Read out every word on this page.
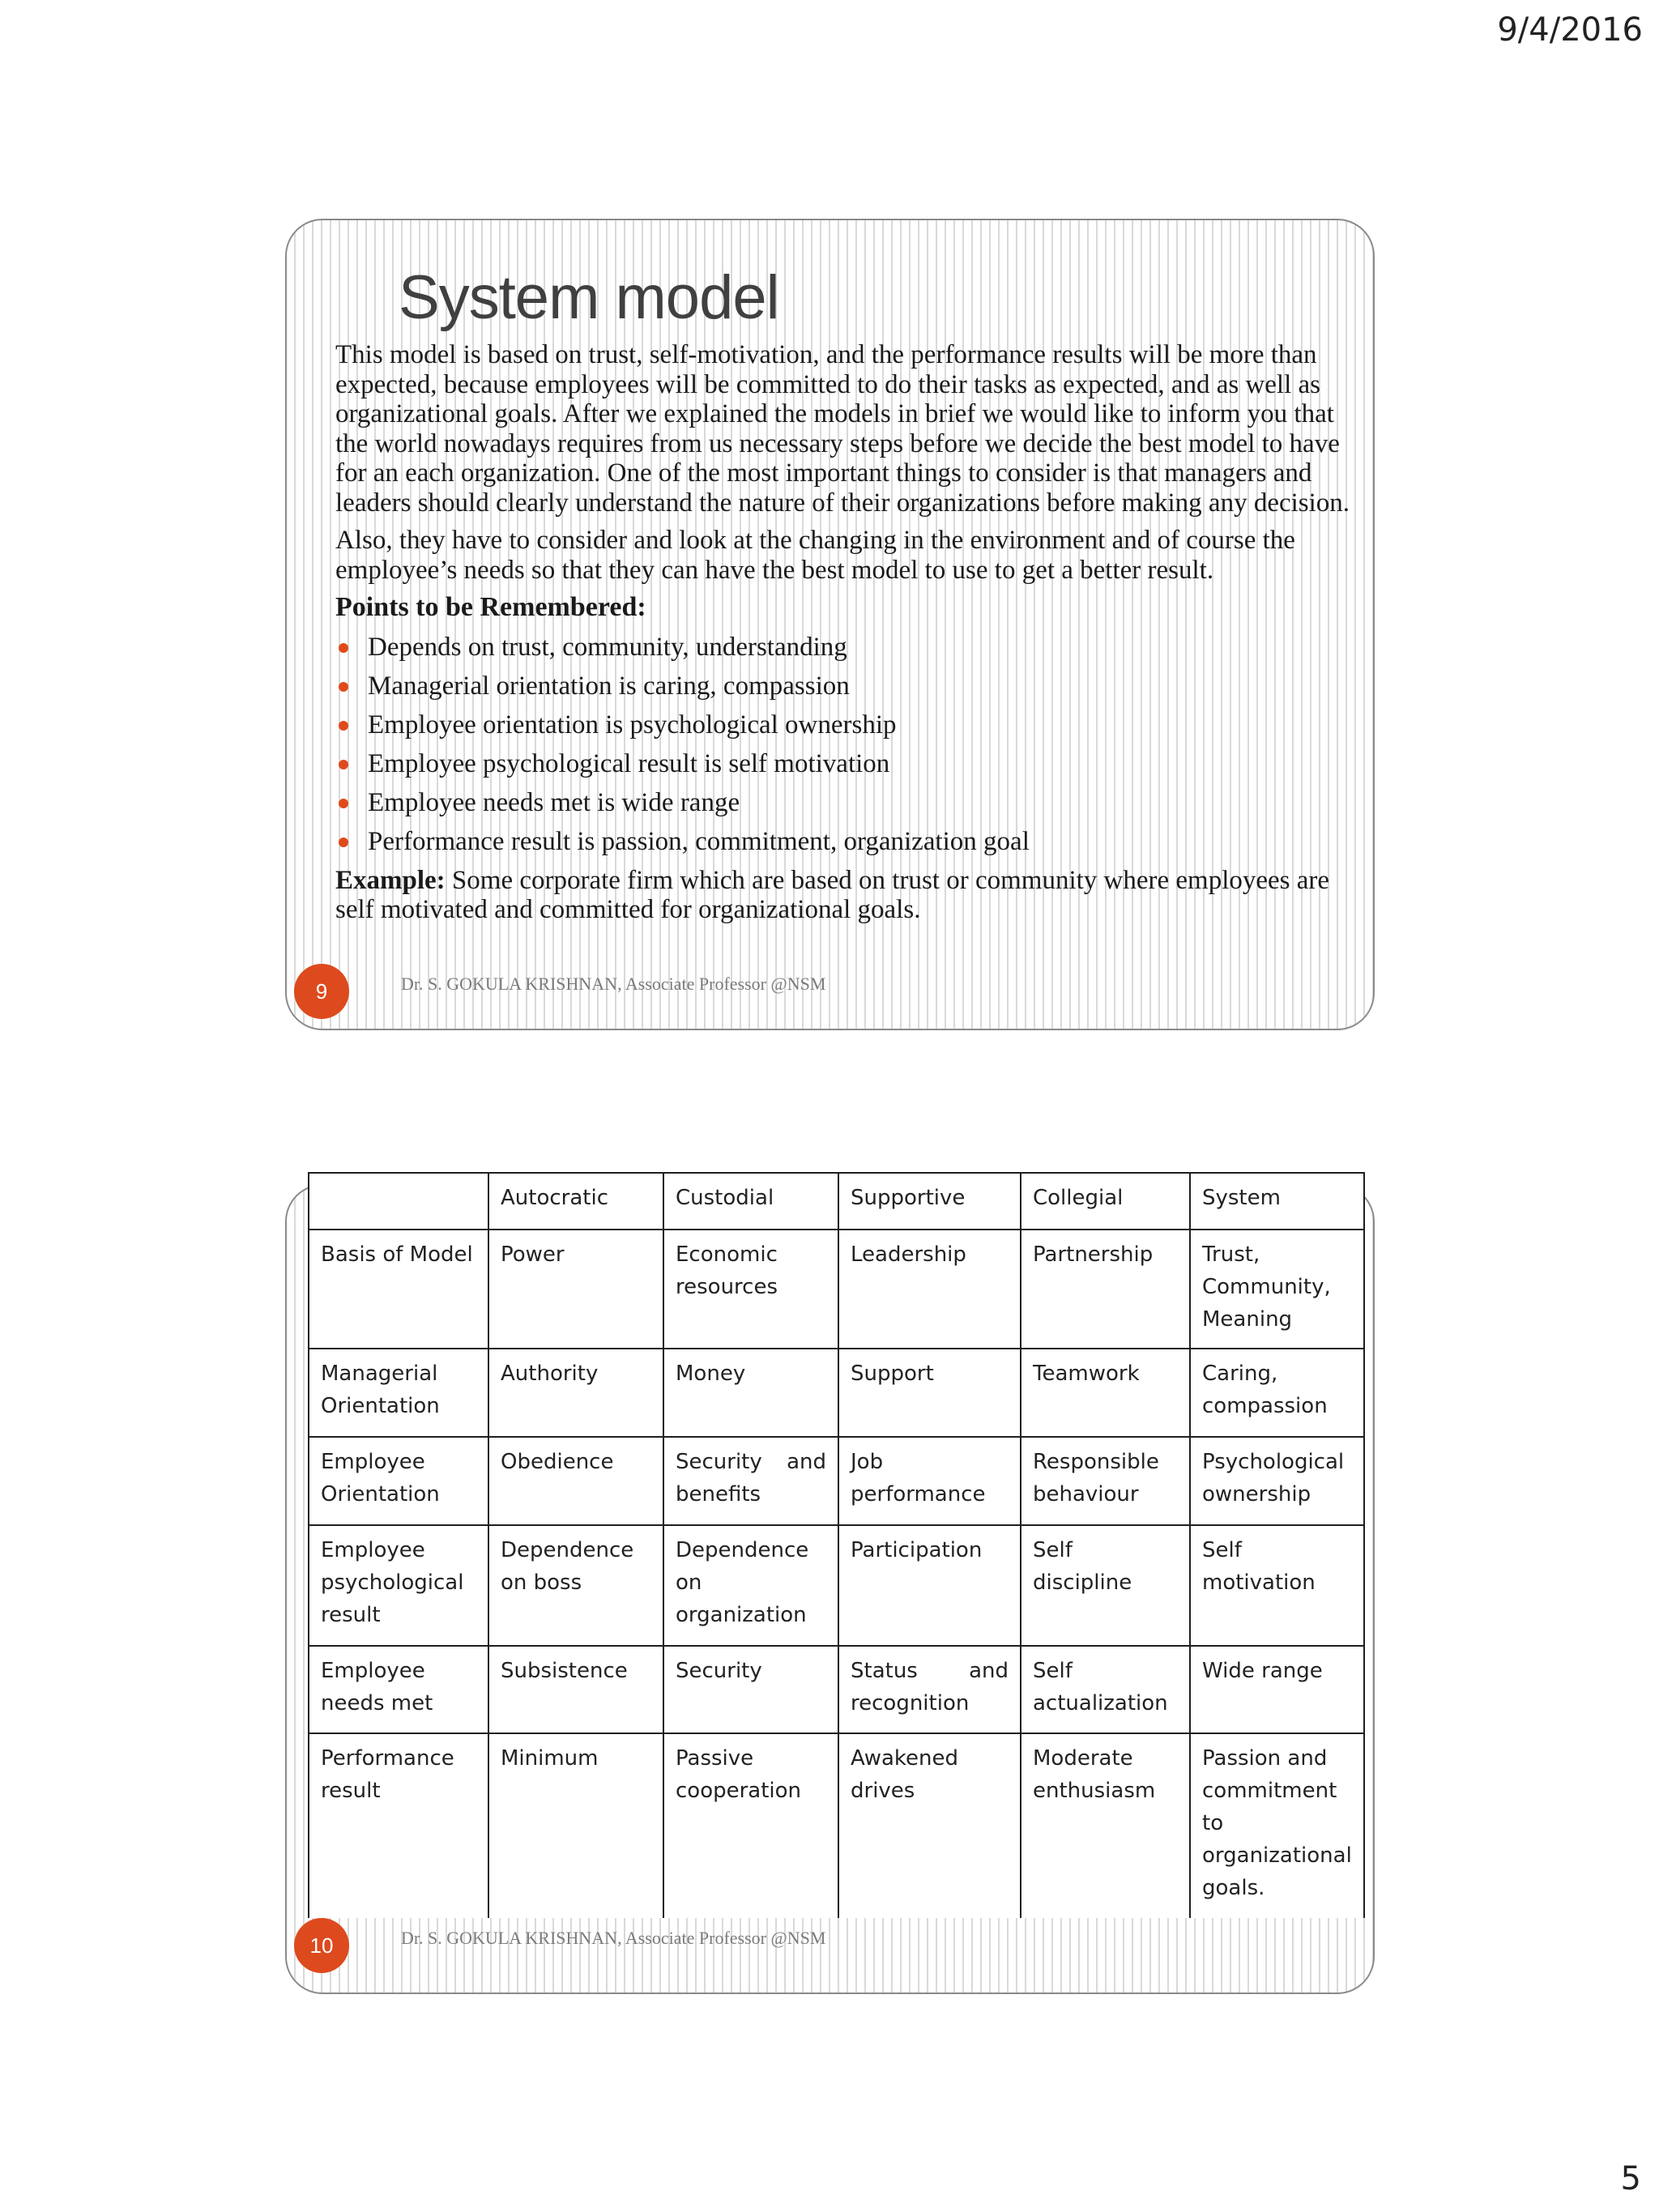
9/4/2016
System model

This model is based on trust, self-motivation, and the performance results will be more than expected, because employees will be committed to do their tasks as expected, and as well as organizational goals. After we explained the models in brief we would like to inform you that the world nowadays requires from us necessary steps before we decide the best model to have for an each organization. One of the most important things to consider is that managers and leaders should clearly understand the nature of their organizations before making any decision.

Also, they have to consider and look at the changing in the environment and of course the employee’s needs so that they can have the best model to use to get a better result.

Points to be Remembered:
Depends on trust, community, understanding
Managerial orientation is caring, compassion
Employee orientation is psychological ownership
Employee psychological result is self motivation
Employee needs met is wide range
Performance result is passion, commitment, organization goal

Example: Some corporate firm which are based on trust or community where employees are self motivated and committed for organizational goals.

9	Dr. S. GOKULA KRISHNAN, Associate Professor @NSM
10	Dr. S. GOKULA KRISHNAN, Associate Professor @NSM
	Autocratic	Custodial	Supportive	Collegial	System
Basis of Model	Power	Economic resources	Leadership	Partnership	Trust, Community, Meaning
Managerial Orientation	Authority	Money	Support	Teamwork	Caring, compassion
Employee Orientation	Obedience	Security and benefits	Job performance	Responsible behaviour	Psychological ownership
Employee psychological result	Dependence on boss	Dependence on organization	Participation	Self discipline	Self motivation
Employee needs met	Subsistence	Security	Status and recognition	Self actualization	Wide range
Performance result	Minimum	Passive cooperation	Awakened drives	Moderate enthusiasm	Passion and commitment to organizational goals.
5
